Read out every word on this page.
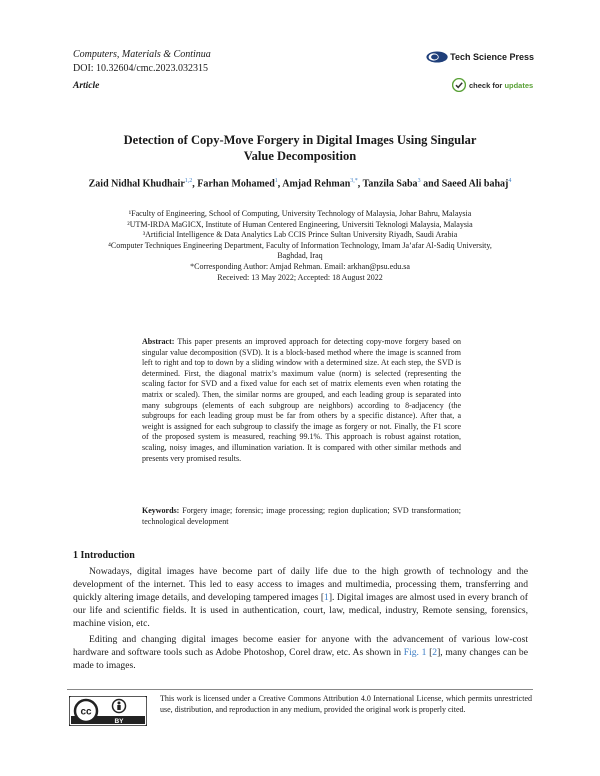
Computers, Materials & Continua
DOI: 10.32604/cmc.2023.032315
Article
Tech Science Press
check for updates
Detection of Copy-Move Forgery in Digital Images Using Singular
Value Decomposition
Zaid Nidhal Khudhair$^{1,2}$, Farhan Mohamed$^1$, Amjad Rehman$^{3,*}$, Tanzila Saba$^3$ and Saeed Ali bahaj$^4$

¹Faculty of Engineering, School of Computing, University Technology of Malaysia, Johar Bahru, Malaysia

²UTM-IRDA MaGICX, Institute of Human Centered Engineering, Universiti Teknologi Malaysia, Malaysia

³Artificial Intelligence & Data Analytics Lab CCIS Prince Sultan University Riyadh, Saudi Arabia

⁴Computer Techniques Engineering Department, Faculty of Information Technology, Imam Ja’afar Al-Sadiq University,

Baghdad, Iraq

*Corresponding Author: Amjad Rehman. Email: arkhan@psu.edu.sa

Received: 13 May 2022; Accepted: 18 August 2022

Abstract: This paper presents an improved approach for detecting copy-move forgery based on singular value decomposition (SVD). It is a block-based method where the image is scanned from left to right and top to down by a sliding window with a determined size. At each step, the SVD is determined. First, the diagonal matrix’s maximum value (norm) is selected (representing the scaling factor for SVD and a fixed value for each set of matrix elements even when rotating the matrix or scaled). Then, the similar norms are grouped, and each leading group is separated into many subgroups (elements of each subgroup are neighbors) according to 8-adjacency (the subgroups for each leading group must be far from others by a specific distance). After that, a weight is assigned for each subgroup to classify the image as forgery or not. Finally, the F1 score of the proposed system is measured, reaching 99.1%. This approach is robust against rotation, scaling, noisy images, and illumination variation. It is compared with other similar methods and presents very promised results.
Keywords: Forgery image; forensic; image processing; region duplication; SVD transformation; technological development
1 Introduction

Nowadays, digital images have become part of daily life due to the high growth of technology and the development of the internet. This led to easy access to images and multimedia, processing them, transferring and quickly altering image details, and developing tampered images [1]. Digital images are almost used in every branch of our life and scientific fields. It is used in authentication, court, law, medical, industry, Remote sensing, forensics, machine vision, etc.

Editing and changing digital images become easier for anyone with the advancement of various low-cost hardware and software tools such as Adobe Photoshop, Corel draw, etc. As shown in Fig. 1 [2], many changes can be made to images.

cc
BY
This work is licensed under a Creative Commons Attribution 4.0 International License, which permits unrestricted use, distribution, and reproduction in any medium, provided the original work is properly cited.
